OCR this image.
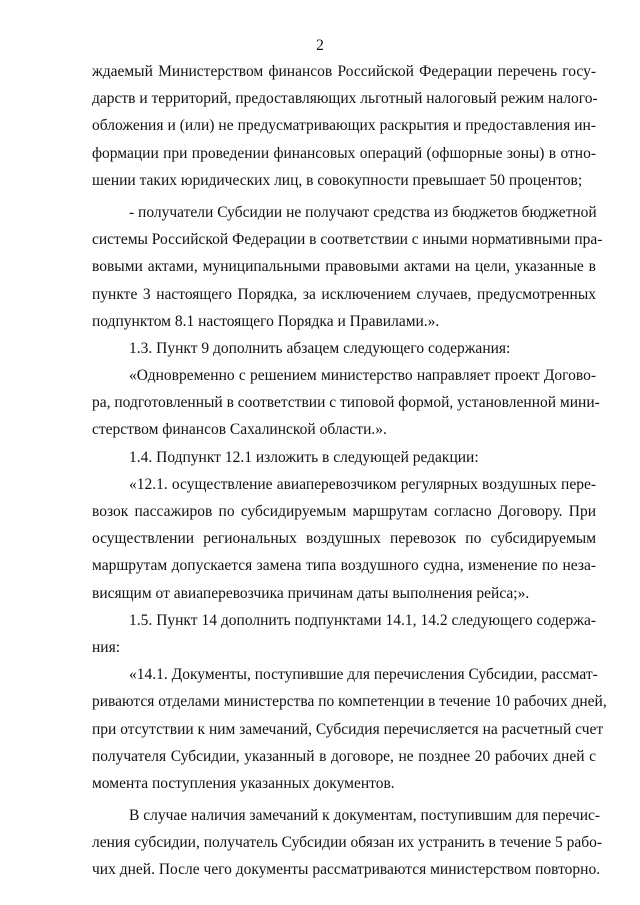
2
ждаемый Министерством финансов Российской Федерации перечень госу-
дарств и территорий, предоставляющих льготный налоговый режим налого-
обложения и (или) не предусматривающих раскрытия и предоставления ин-
формации при проведении финансовых операций (офшорные зоны) в отно-
шении таких юридических лиц, в совокупности превышает 50 процентов;
- получатели Субсидии не получают средства из бюджетов бюджетной
системы Российской Федерации в соответствии с иными нормативными пра-
вовыми актами, муниципальными правовыми актами на цели, указанные в
пункте 3 настоящего Порядка, за исключением случаев, предусмотренных
подпунктом 8.1 настоящего Порядка и Правилами.».
1.3. Пункт 9 дополнить абзацем следующего содержания:
«Одновременно с решением министерство направляет проект Догово-
ра, подготовленный в соответствии с типовой формой, установленной мини-
стерством финансов Сахалинской области.».
1.4. Подпункт 12.1 изложить в следующей редакции:
«12.1. осуществление авиаперевозчиком регулярных воздушных пере-
возок пассажиров по субсидируемым маршрутам согласно Договору. При
осуществлении региональных воздушных перевозок по субсидируемым
маршрутам допускается замена типа воздушного судна, изменение по неза-
висящим от авиаперевозчика причинам даты выполнения рейса;».
1.5. Пункт 14 дополнить подпунктами 14.1, 14.2 следующего содержа-
ния:
«14.1. Документы, поступившие для перечисления Субсидии, рассмат-
риваются отделами министерства по компетенции в течение 10 рабочих дней,
при отсутствии к ним замечаний, Субсидия перечисляется на расчетный счет
получателя Субсидии, указанный в договоре, не позднее 20 рабочих дней с
момента поступления указанных документов.
В случае наличия замечаний к документам, поступившим для перечис-
ления субсидии, получатель Субсидии обязан их устранить в течение 5 рабо-
чих дней. После чего документы рассматриваются министерством повторно.
